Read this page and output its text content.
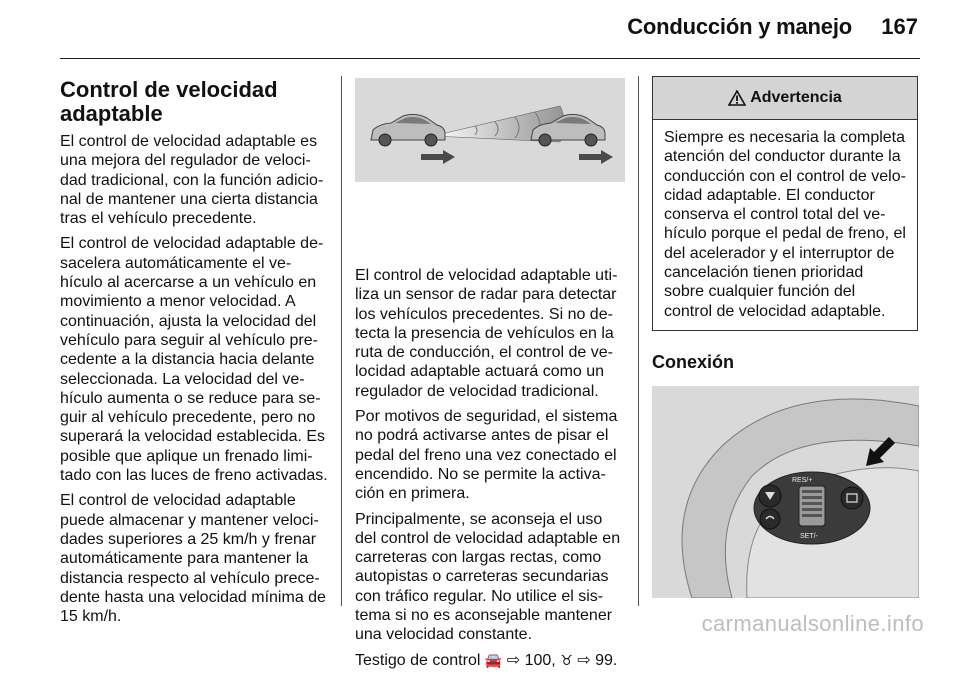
Conducción y manejo 167
Control de velocidad
adaptable

El control de velocidad adaptable es una mejora del regulador de veloci- dad tradicional, con la función adicio- nal de mantener una cierta distancia tras el vehículo precedente.

El control de velocidad adaptable de- sacelera automáticamente el ve- hículo al acercarse a un vehículo en movimiento a menor velocidad. A continuación, ajusta la velocidad del vehículo para seguir al vehículo pre- cedente a la distancia hacia delante seleccionada. La velocidad del ve- hículo aumenta o se reduce para se- guir al vehículo precedente, pero no superará la velocidad establecida. Es posible que aplique un frenado limi- tado con las luces de freno activadas.

El control de velocidad adaptable puede almacenar y mantener veloci- dades superiores a 25 km/h y frenar automáticamente para mantener la distancia respecto al vehículo prece- dente hasta una velocidad mínima de 15 km/h.

El control de velocidad adaptable uti- liza un sensor de radar para detectar los vehículos precedentes. Si no de- tecta la presencia de vehículos en la ruta de conducción, el control de ve- locidad adaptable actuará como un regulador de velocidad tradicional.

Por motivos de seguridad, el sistema no podrá activarse antes de pisar el pedal del freno una vez conectado el encendido. No se permite la activa- ción en primera.

Principalmente, se aconseja el uso del control de velocidad adaptable en carreteras con largas rectas, como autopistas o carreteras secundarias con tráfico regular. No utilice el sis- tema si no es aconsejable mantener una velocidad constante.

Testigo de control 🚘 ⇨ 100, ♉ ⇨ 99.

Advertencia
Siempre es necesaria la completa atención del conductor durante la conducción con el control de velo- cidad adaptable. El conductor conserva el control total del ve- hículo porque el pedal de freno, el del acelerador y el interruptor de cancelación tienen prioridad sobre cualquier función del control de velocidad adaptable.
Conexión
RES/+
SET/-
carmanualsonline.info
